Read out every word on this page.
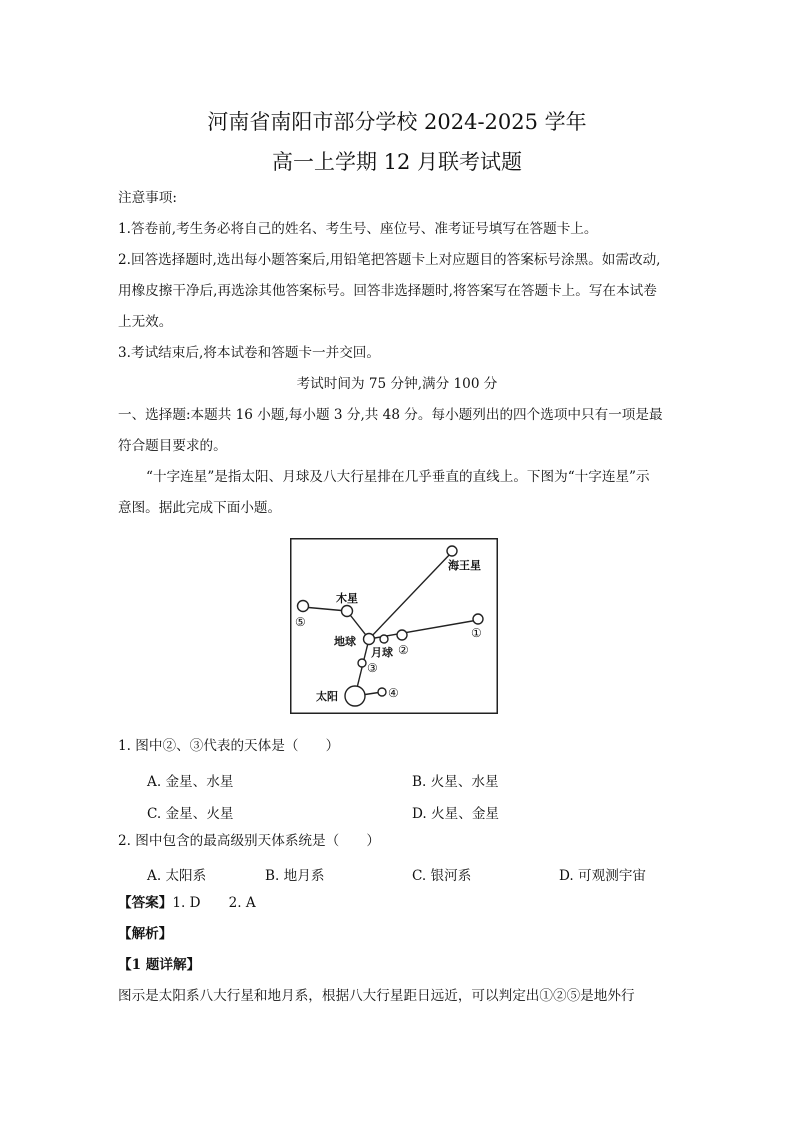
河南省南阳市部分学校 2024-2025 学年
高一上学期 12 月联考试题
注意事项:
1.答卷前,考生务必将自己的姓名、考生号、座位号、准考证号填写在答题卡上。
2.回答选择题时,选出每小题答案后,用铅笔把答题卡上对应题目的答案标号涂黑。如需改动,
用橡皮擦干净后,再选涂其他答案标号。回答非选择题时,将答案写在答题卡上。写在本试卷
上无效。
3.考试结束后,将本试卷和答题卡一并交回。
考试时间为 75 分钟,满分 100 分
一、选择题:本题共 16 小题,每小题 3 分,共 48 分。每小题列出的四个选项中只有一项是最
符合题目要求的。
“十字连星”是指太阳、月球及八大行星排在几乎垂直的直线上。下图为“十字连星”示
意图。据此完成下面小题。
海王星
木星
地球
月球
太阳
①
②
③
④
⑤
1. 图中②、③代表的天体是（　　）
A. 金星、水星	B. 火星、水星
C. 金星、火星	D. 火星、金星
2. 图中包含的最高级别天体系统是（　　）
A. 太阳系	B. 地月系	C. 银河系	D. 可观测宇宙
【答案】1. D 2. A
【解析】
【1 题详解】
图示是太阳系八大行星和地月系，根据八大行星距日远近，可以判定出①②⑤是地外行
